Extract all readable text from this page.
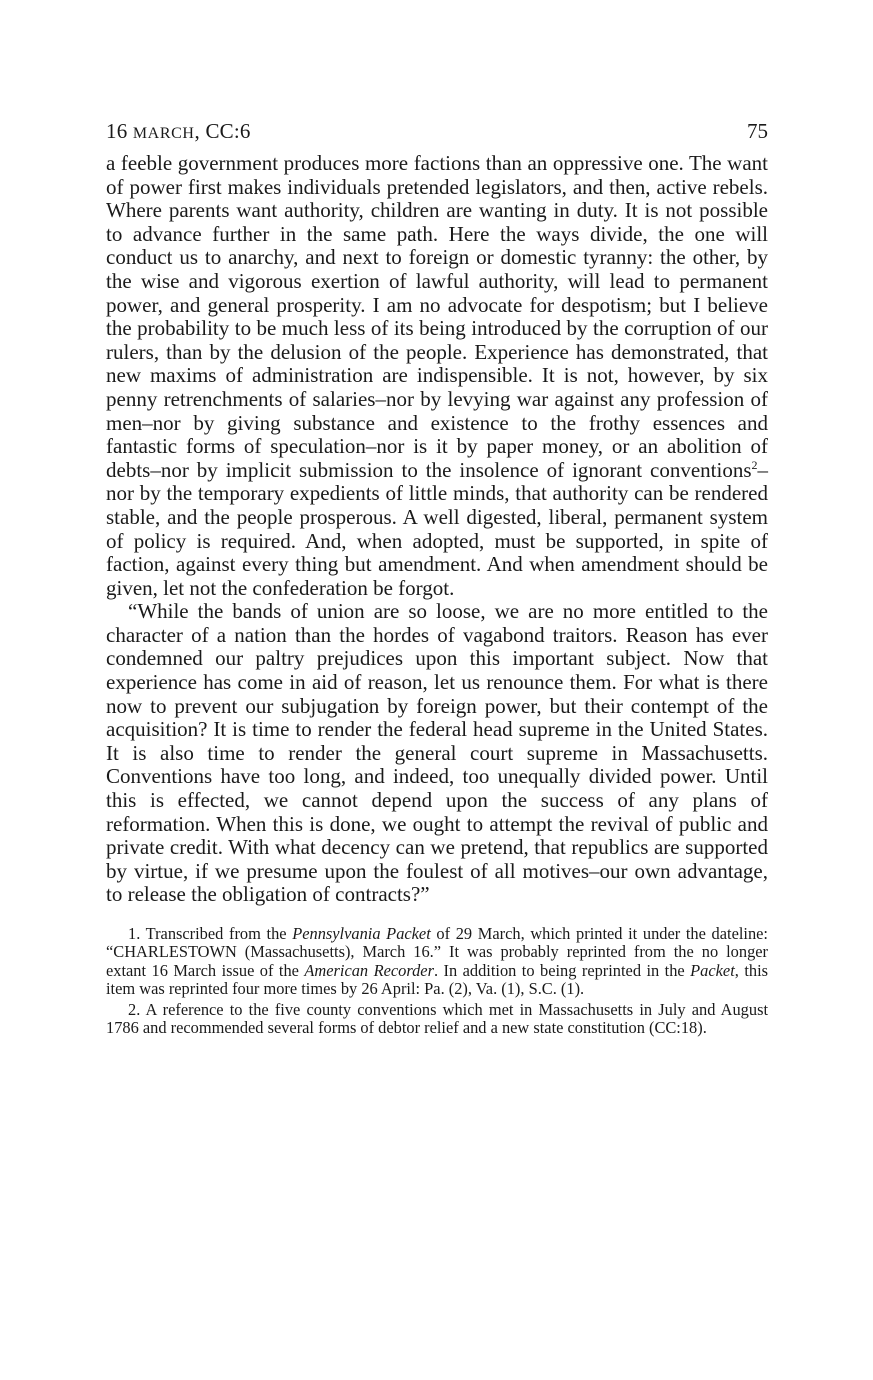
16 MARCH, CC:6	75

a feeble government produces more factions than an oppressive one. The want of power first makes individuals pretended legislators, and then, active rebels. Where parents want authority, children are wanting in duty. It is not possible to advance further in the same path. Here the ways divide, the one will conduct us to anarchy, and next to foreign or domestic tyranny: the other, by the wise and vigorous exertion of lawful authority, will lead to permanent power, and general prosperity. I am no advocate for despotism; but I believe the probability to be much less of its being introduced by the corruption of our rulers, than by the delusion of the people. Experience has demonstrated, that new maxims of administration are indispensible. It is not, however, by six penny retrenchments of salaries–nor by levying war against any profession of men–nor by giving substance and existence to the frothy essences and fantastic forms of speculation–nor is it by paper money, or an abolition of debts–nor by implicit submission to the insolence of ignorant conventions$^2$–nor by the temporary expedients of little minds, that authority can be rendered stable, and the people prosperous. A well digested, liberal, permanent system of policy is required. And, when adopted, must be supported, in spite of faction, against every thing but amendment. And when amendment should be given, let not the confederation be forgot.

“While the bands of union are so loose, we are no more entitled to the character of a nation than the hordes of vagabond traitors. Reason has ever condemned our paltry prejudices upon this important subject. Now that experience has come in aid of reason, let us renounce them. For what is there now to prevent our subjugation by foreign power, but their contempt of the acquisition? It is time to render the federal head supreme in the United States. It is also time to render the general court supreme in Massachusetts. Conventions have too long, and indeed, too unequally divided power. Until this is effected, we cannot depend upon the success of any plans of reformation. When this is done, we ought to attempt the revival of public and private credit. With what decency can we pretend, that republics are supported by virtue, if we presume upon the foulest of all motives–our own advantage, to release the obligation of contracts?”

1. Transcribed from the Pennsylvania Packet of 29 March, which printed it under the dateline: “CHARLESTOWN (Massachusetts), March 16.” It was probably reprinted from the no longer extant 16 March issue of the American Recorder. In addition to being reprinted in the Packet, this item was reprinted four more times by 26 April: Pa. (2), Va. (1), S.C. (1).

2. A reference to the five county conventions which met in Massachusetts in July and August 1786 and recommended several forms of debtor relief and a new state constitution (CC:18).
